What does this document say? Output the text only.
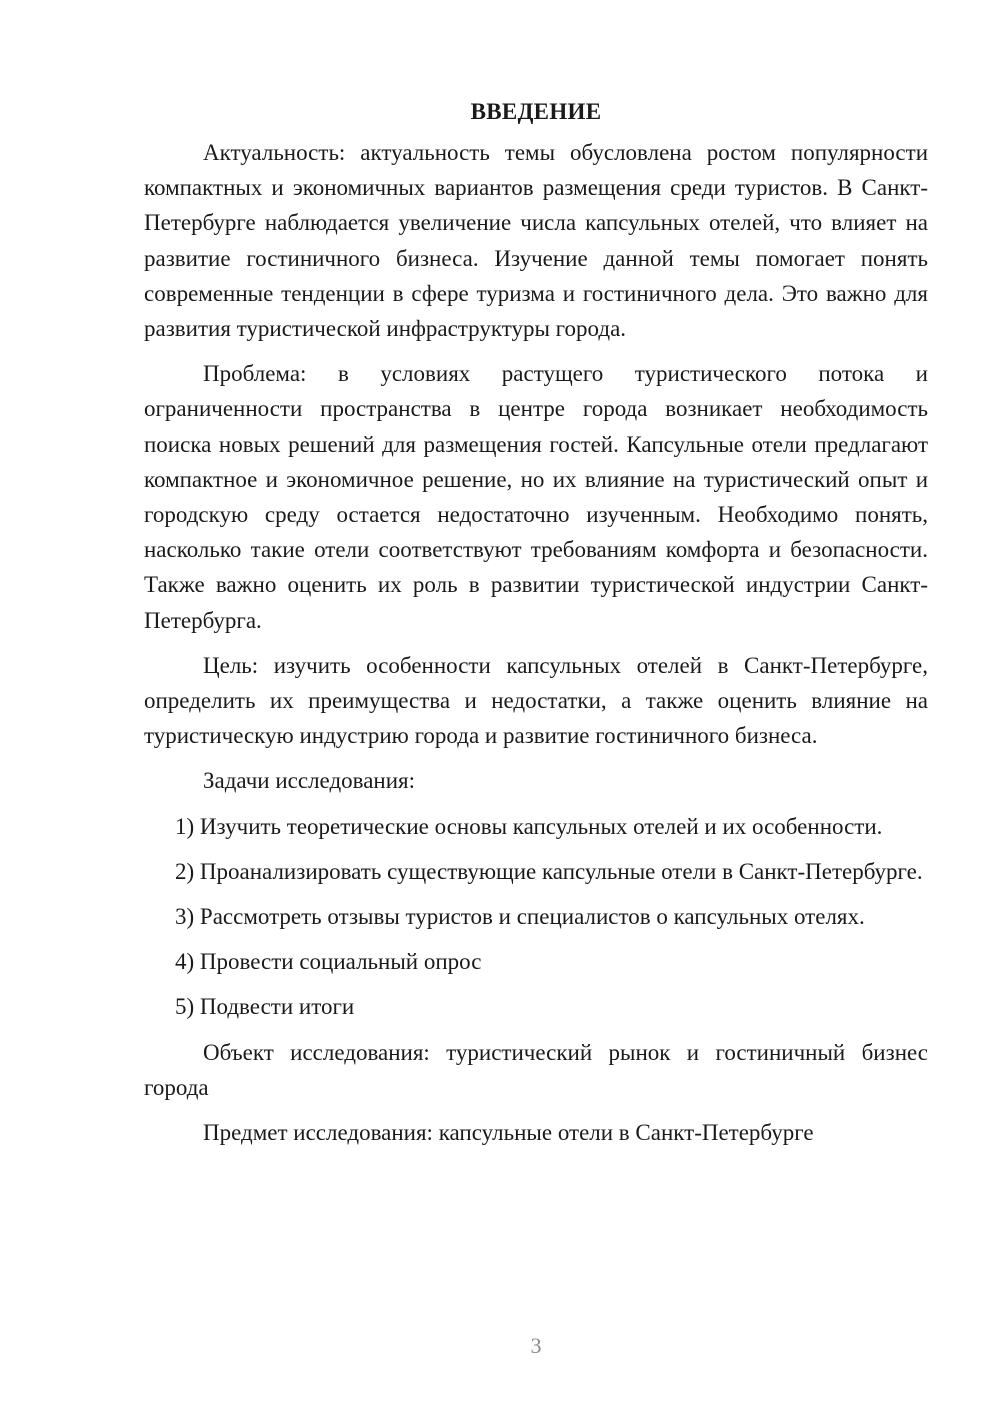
ВВЕДЕНИЕ

Актуальность: актуальность темы обусловлена ростом популярности компактных и экономичных вариантов размещения среди туристов. В Санкт-Петербурге наблюдается увеличение числа капсульных отелей, что влияет на развитие гостиничного бизнеса. Изучение данной темы помогает понять современные тенденции в сфере туризма и гостиничного дела. Это важно для развития туристической инфраструктуры города.

Проблема: в условиях растущего туристического потока и ограниченности пространства в центре города возникает необходимость поиска новых решений для размещения гостей. Капсульные отели предлагают компактное и экономичное решение, но их влияние на туристический опыт и городскую среду остается недостаточно изученным. Необходимо понять, насколько такие отели соответствуют требованиям комфорта и безопасности. Также важно оценить их роль в развитии туристической индустрии Санкт-Петербурга.

Цель: изучить особенности капсульных отелей в Санкт-Петербурге, определить их преимущества и недостатки, а также оценить влияние на туристическую индустрию города и развитие гостиничного бизнеса.

Задачи исследования:

1) Изучить теоретические основы капсульных отелей и их особенности.

2) Проанализировать существующие капсульные отели в Санкт-Петербурге.

3) Рассмотреть отзывы туристов и специалистов о капсульных отелях.

4) Провести социальный опрос

5) Подвести итоги

Объект исследования: туристический рынок и гостиничный бизнес города

Предмет исследования: капсульные отели в Санкт-Петербурге

3
